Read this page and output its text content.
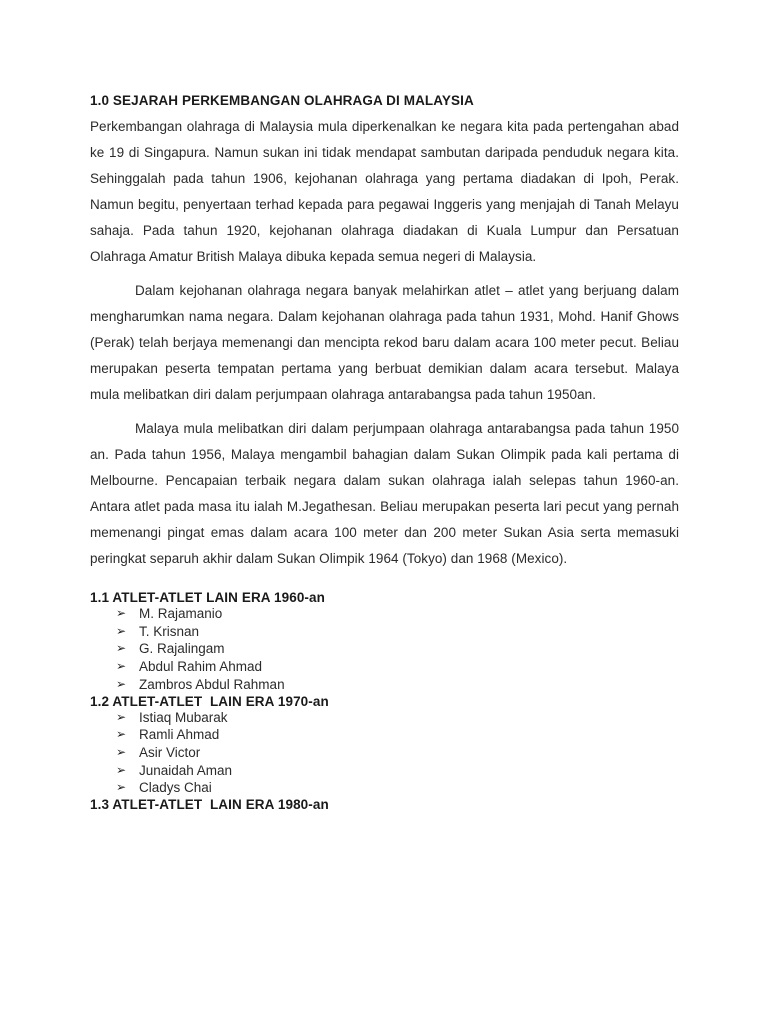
1.0 SEJARAH PERKEMBANGAN OLAHRAGA DI MALAYSIA

Perkembangan olahraga di Malaysia mula diperkenalkan ke negara kita pada pertengahan abad ke 19 di Singapura. Namun sukan ini tidak mendapat sambutan daripada penduduk negara kita. Sehinggalah pada tahun 1906, kejohanan olahraga yang pertama diadakan di Ipoh, Perak. Namun begitu, penyertaan terhad kepada para pegawai Inggeris yang menjajah di Tanah Melayu sahaja. Pada tahun 1920, kejohanan olahraga diadakan di Kuala Lumpur dan Persatuan Olahraga Amatur British Malaya dibuka kepada semua negeri di Malaysia.

Dalam kejohanan olahraga negara banyak melahirkan atlet – atlet yang berjuang dalam mengharumkan nama negara. Dalam kejohanan olahraga pada tahun 1931, Mohd. Hanif Ghows (Perak) telah berjaya memenangi dan mencipta rekod baru dalam acara 100 meter pecut. Beliau merupakan peserta tempatan pertama yang berbuat demikian dalam acara tersebut. Malaya mula melibatkan diri dalam perjumpaan olahraga antarabangsa pada tahun 1950an.

Malaya mula melibatkan diri dalam perjumpaan olahraga antarabangsa pada tahun 1950 an. Pada tahun 1956, Malaya mengambil bahagian dalam Sukan Olimpik pada kali pertama di Melbourne. Pencapaian terbaik negara dalam sukan olahraga ialah selepas tahun 1960-an. Antara atlet pada masa itu ialah M.Jegathesan. Beliau merupakan peserta lari pecut yang pernah memenangi pingat emas dalam acara 100 meter dan 200 meter Sukan Asia serta memasuki peringkat separuh akhir dalam Sukan Olimpik 1964 (Tokyo) dan 1968 (Mexico).

1.1 ATLET-ATLET LAIN ERA 1960-an
➢ M. Rajamanio
➢ T. Krisnan
➢ G. Rajalingam
➢ Abdul Rahim Ahmad
➢ Zambros Abdul Rahman
1.2 ATLET-ATLET  LAIN ERA 1970-an
➢ Istiaq Mubarak
➢ Ramli Ahmad
➢ Asir Victor
➢ Junaidah Aman
➢ Cladys Chai
1.3 ATLET-ATLET  LAIN ERA 1980-an
